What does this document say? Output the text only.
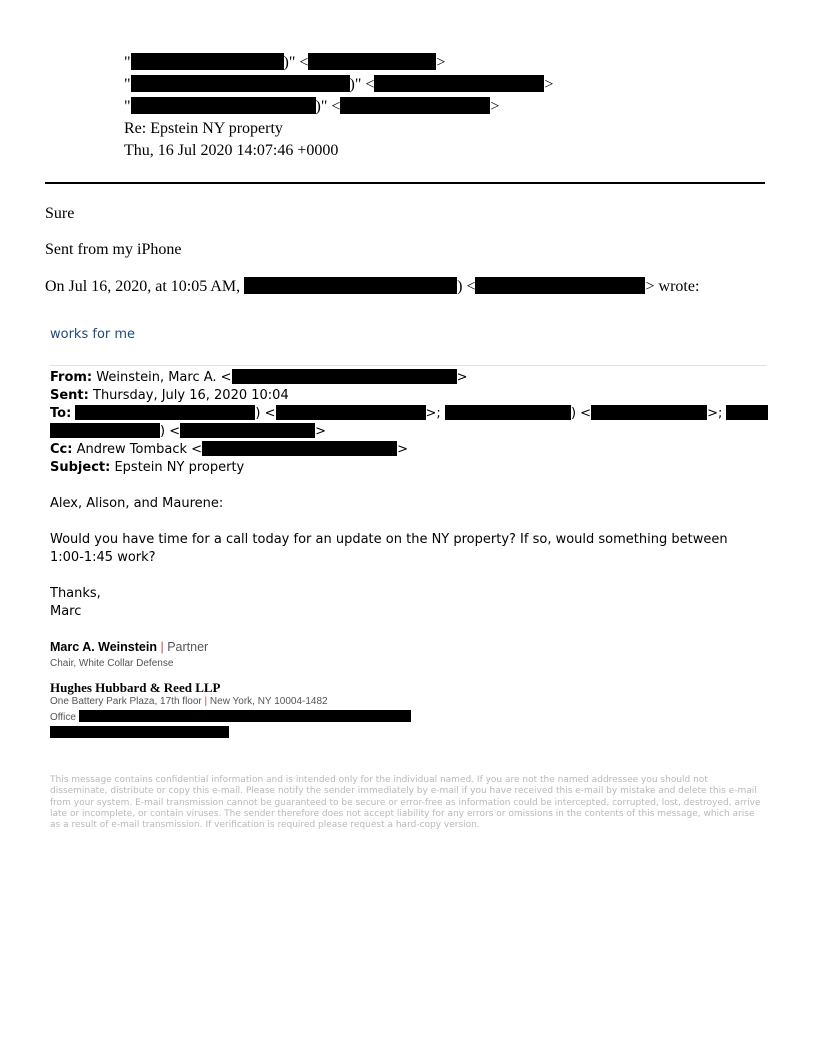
"	)" <	>
"	)" <	>
"	)" <	>
Re: Epstein NY property
Thu, 16 Jul 2020 14:07:46 +0000
Sure
Sent from my iPhone
On Jul 16, 2020, at 10:05 AM,	) <	> wrote:
works for me
From: Weinstein, Marc A. <	>
Sent: Thursday, July 16, 2020 10:04
To:	) <	>;	) <	>;
) <	>
Cc: Andrew Tomback <	>
Subject: Epstein NY property
Alex, Alison, and Maurene:
Would you have time for a call today for an update on the NY property? If so, would something between 1:00-1:45 work?
Thanks,
Marc
Marc A. Weinstein | Partner
Chair, White Collar Defense
Hughes Hubbard & Reed LLP
One Battery Park Plaza, 17th floor | New York, NY 10004-1482
Office
This message contains confidential information and is intended only for the individual named. If you are not the named addressee you should not disseminate, distribute or copy this e-mail. Please notify the sender immediately by e-mail if you have received this e-mail by mistake and delete this e-mail from your system. E-mail transmission cannot be guaranteed to be secure or error-free as information could be intercepted, corrupted, lost, destroyed, arrive late or incomplete, or contain viruses. The sender therefore does not accept liability for any errors or omissions in the contents of this message, which arise as a result of e-mail transmission. If verification is required please request a hard-copy version.
